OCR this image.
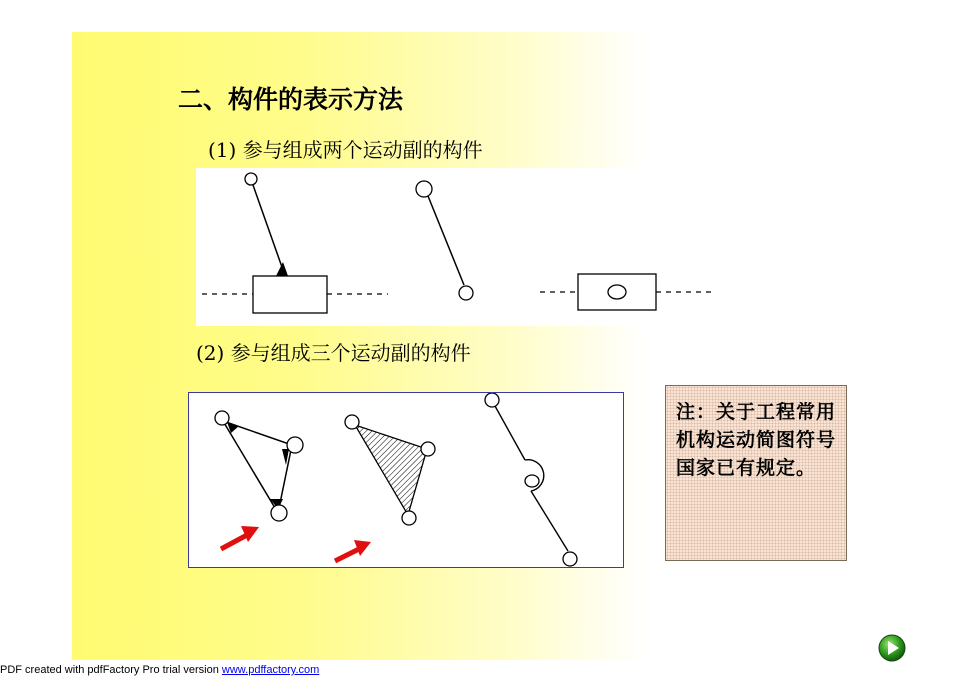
二、构件的表示方法
(1) 参与组成两个运动副的构件
(2) 参与组成三个运动副的构件
注：关于工程常用机构运动简图符号国家已有规定。
PDF created with pdfFactory Pro trial version www.pdffactory.com
